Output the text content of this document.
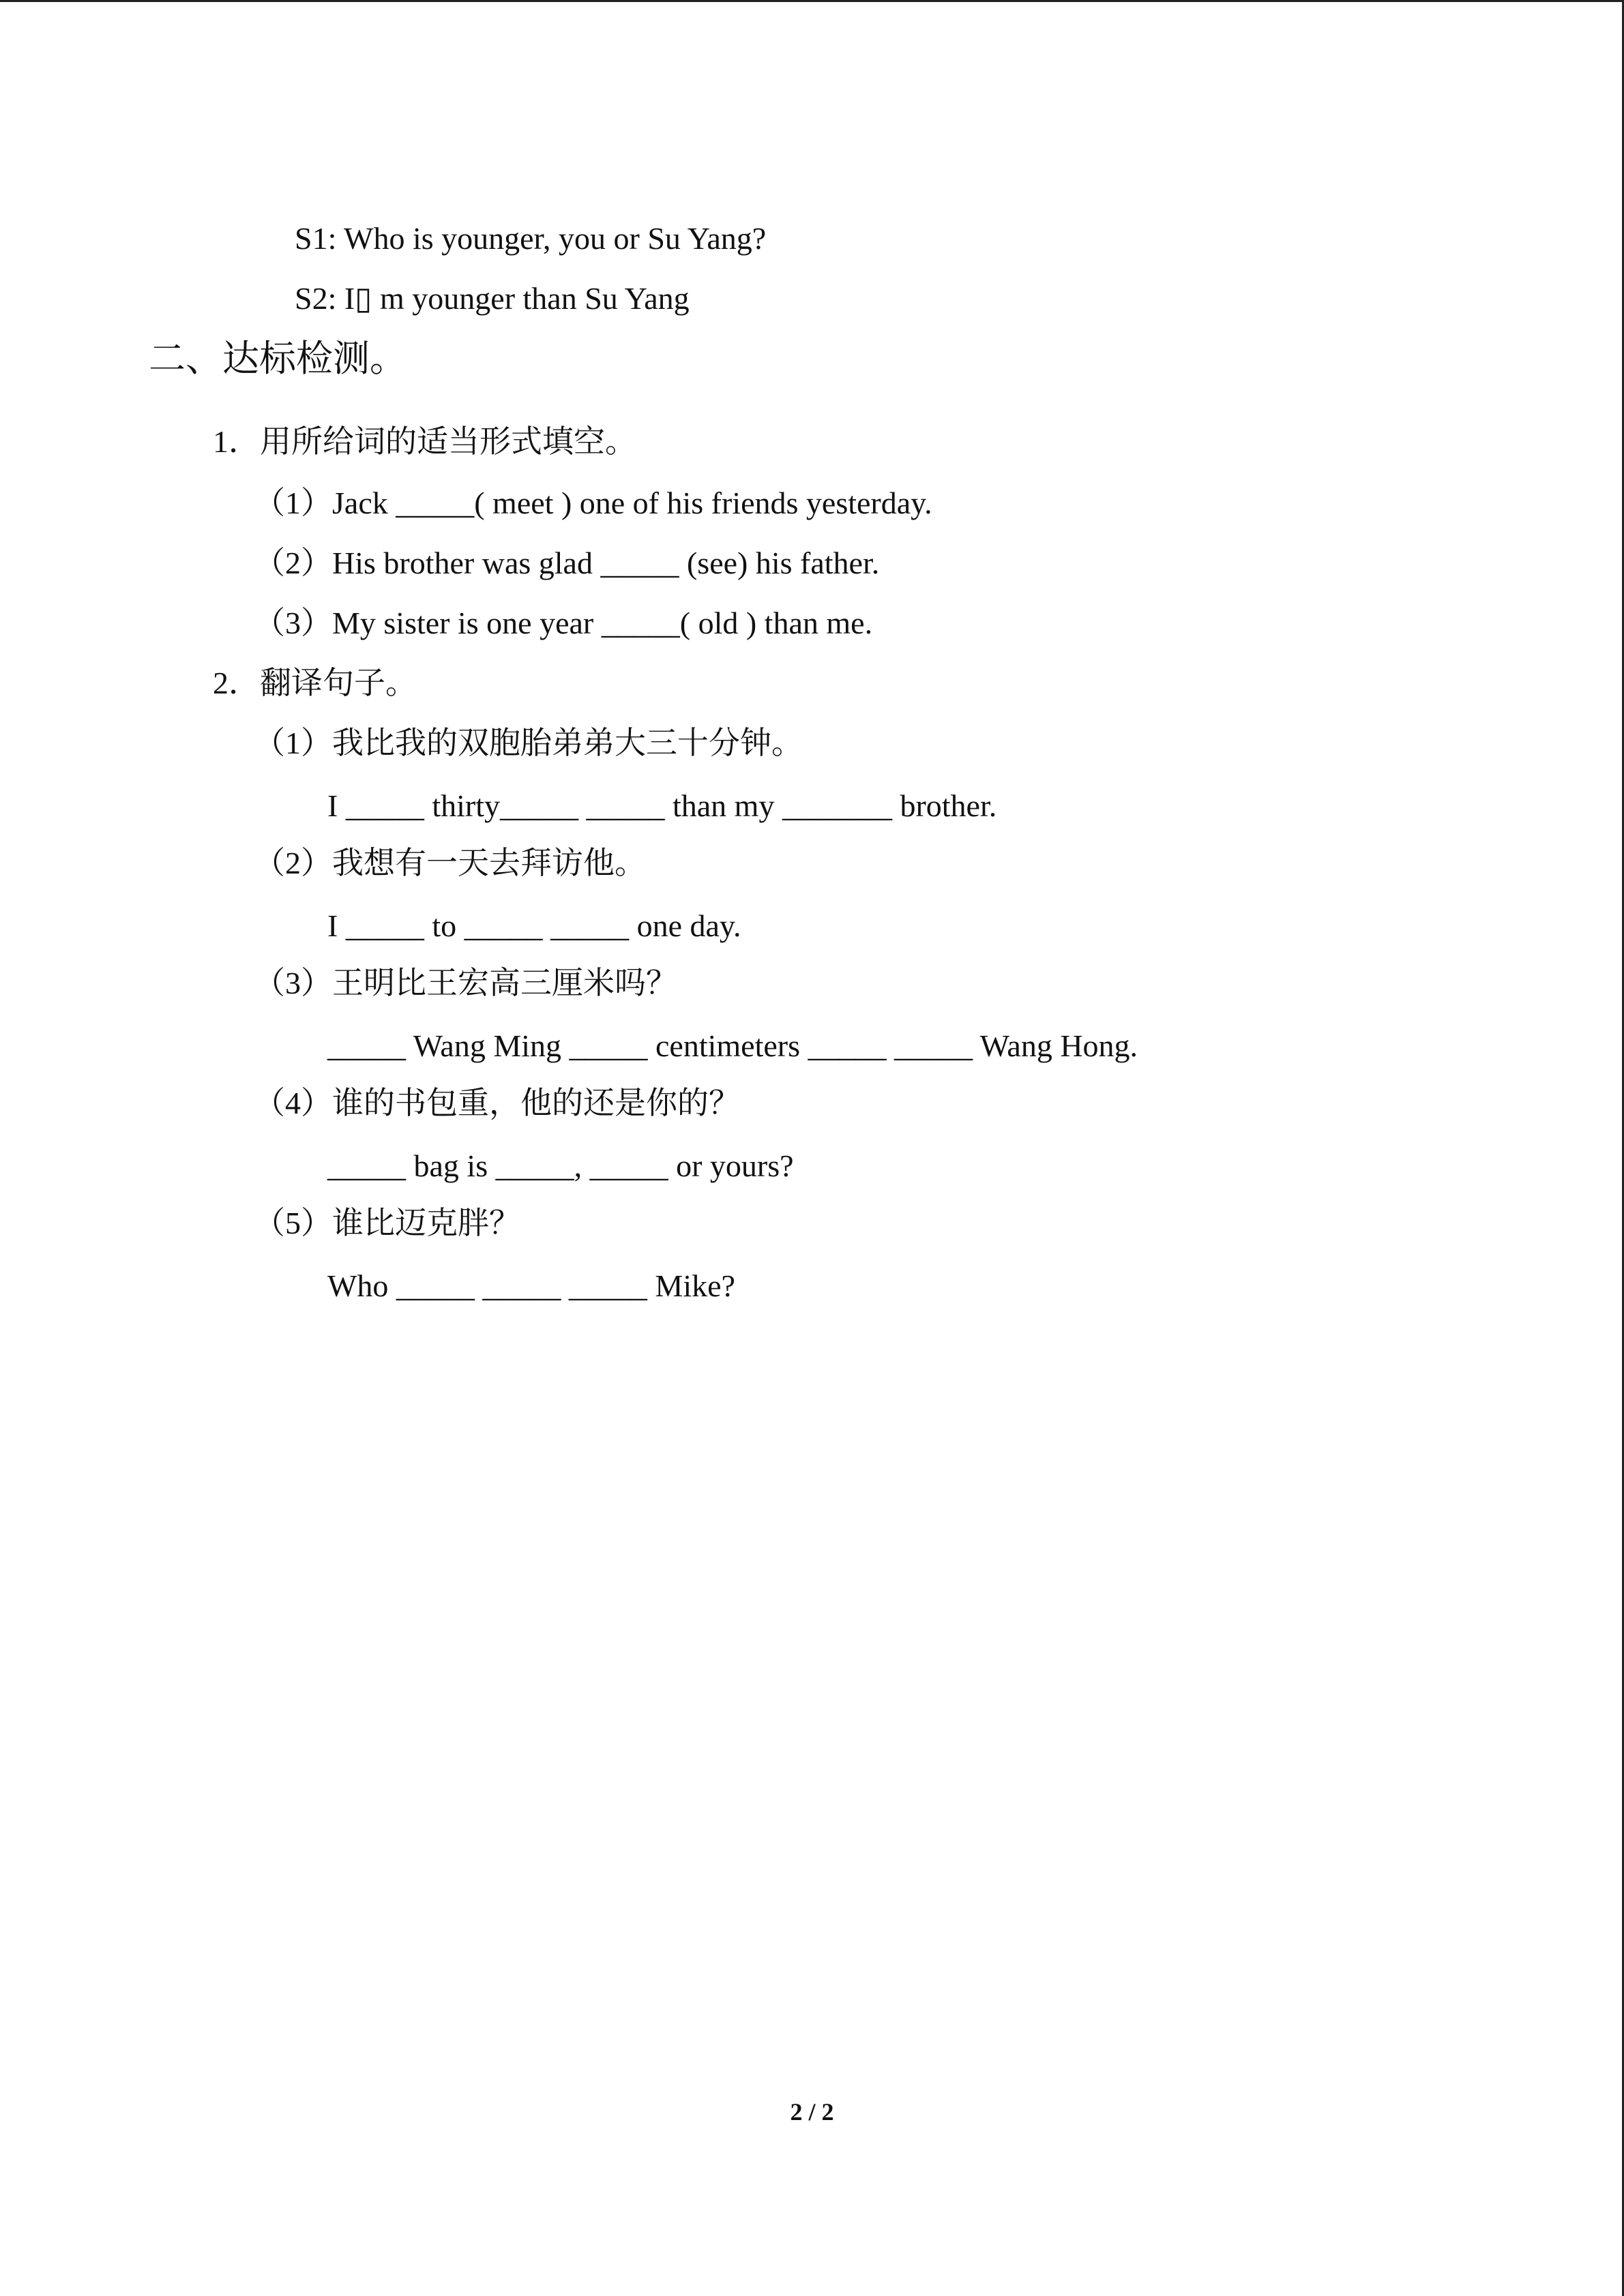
S1: Who is younger, you or Su Yang?
S2: I▯ m younger than Su Yang
二、达标检测。
1．用所给词的适当形式填空。
（1）Jack _____( meet ) one of his friends yesterday.
（2）His brother was glad _____ (see) his father.
（3）My sister is one year _____( old ) than me.
2．翻译句子。
（1）我比我的双胞胎弟弟大三十分钟。
I _____ thirty_____ _____ than my _______ brother.
（2）我想有一天去拜访他。
I _____ to _____ _____ one day.
（3）王明比王宏高三厘米吗？
_____ Wang Ming _____ centimeters _____ _____ Wang Hong.
（4）谁的书包重，他的还是你的？
_____ bag is _____, _____ or yours?
（5）谁比迈克胖？
Who _____ _____ _____ Mike?
2 / 2
